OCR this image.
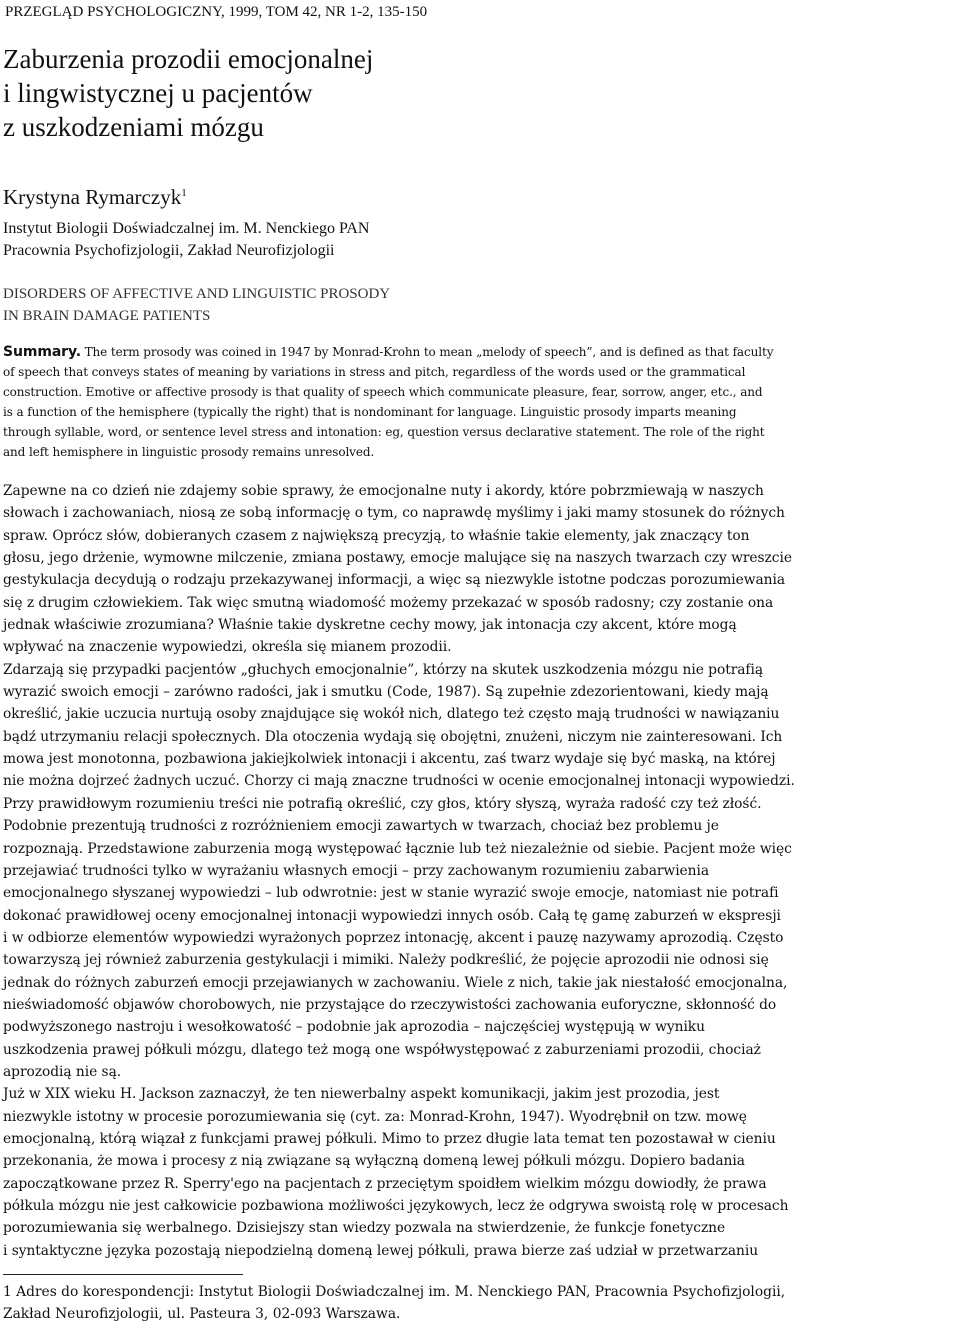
PRZEGLĄD PSYCHOLOGICZNY, 1999, TOM 42, NR 1-2, 135-150
Zaburzenia prozodii emocjonalnej
i lingwistycznej u pacjentów
z uszkodzeniami mózgu
Krystyna Rymarczyk$^1$
Instytut Biologii Doświadczalnej im. M. Nenckiego PAN
Pracownia Psychofizjologii, Zakład Neurofizjologii
DISORDERS OF AFFECTIVE AND LINGUISTIC PROSODY
IN BRAIN DAMAGE PATIENTS
Summary. The term prosody was coined in 1947 by Monrad-Krohn to mean „melody of speech”, and is defined as that faculty
of speech that conveys states of meaning by variations in stress and pitch, regardless of the words used or the grammatical
construction. Emotive or affective prosody is that quality of speech which communicate pleasure, fear, sorrow, anger, etc., and
is a function of the hemisphere (typically the right) that is nondominant for language. Linguistic prosody imparts meaning
through syllable, word, or sentence level stress and intonation: eg, question versus declarative statement. The role of the right
and left hemisphere in linguistic prosody remains unresolved.
Zapewne na co dzień nie zdajemy sobie sprawy, że emocjonalne nuty i akordy, które pobrzmiewają w naszych
słowach i zachowaniach, niosą ze sobą informację o tym, co naprawdę myślimy i jaki mamy stosunek do różnych
spraw. Oprócz słów, dobieranych czasem z największą precyzją, to właśnie takie elementy, jak znaczący ton
głosu, jego drżenie, wymowne milczenie, zmiana postawy, emocje malujące się na naszych twarzach czy wreszcie
gestykulacja decydują o rodzaju przekazywanej informacji, a więc są niezwykle istotne podczas porozumiewania
się z drugim człowiekiem. Tak więc smutną wiadomość możemy przekazać w sposób radosny; czy zostanie ona
jednak właściwie zrozumiana? Właśnie takie dyskretne cechy mowy, jak intonacja czy akcent, które mogą
wpływać na znaczenie wypowiedzi, określa się mianem prozodii.
Zdarzają się przypadki pacjentów „głuchych emocjonalnie”, którzy na skutek uszkodzenia mózgu nie potrafią
wyrazić swoich emocji – zarówno radości, jak i smutku (Code, 1987). Są zupełnie zdezorientowani, kiedy mają
określić, jakie uczucia nurtują osoby znajdujące się wokół nich, dlatego też często mają trudności w nawiązaniu
bądź utrzymaniu relacji społecznych. Dla otoczenia wydają się obojętni, znużeni, niczym nie zainteresowani. Ich
mowa jest monotonna, pozbawiona jakiejkolwiek intonacji i akcentu, zaś twarz wydaje się być maską, na której
nie można dojrzeć żadnych uczuć. Chorzy ci mają znaczne trudności w ocenie emocjonalnej intonacji wypowiedzi.
Przy prawidłowym rozumieniu treści nie potrafią określić, czy głos, który słyszą, wyraża radość czy też złość.
Podobnie prezentują trudności z rozróżnieniem emocji zawartych w twarzach, chociaż bez problemu je
rozpoznają. Przedstawione zaburzenia mogą występować łącznie lub też niezależnie od siebie. Pacjent może więc
przejawiać trudności tylko w wyrażaniu własnych emocji – przy zachowanym rozumieniu zabarwienia
emocjonalnego słyszanej wypowiedzi – lub odwrotnie: jest w stanie wyrazić swoje emocje, natomiast nie potrafi
dokonać prawidłowej oceny emocjonalnej intonacji wypowiedzi innych osób. Całą tę gamę zaburzeń w ekspresji
i w odbiorze elementów wypowiedzi wyrażonych poprzez intonację, akcent i pauzę nazywamy aprozodią. Często
towarzyszą jej również zaburzenia gestykulacji i mimiki. Należy podkreślić, że pojęcie aprozodii nie odnosi się
jednak do różnych zaburzeń emocji przejawianych w zachowaniu. Wiele z nich, takie jak niestałość emocjonalna,
nieświadomość objawów chorobowych, nie przystające do rzeczywistości zachowania euforyczne, skłonność do
podwyższonego nastroju i wesołkowatość – podobnie jak aprozodia – najczęściej występują w wyniku
uszkodzenia prawej półkuli mózgu, dlatego też mogą one współwystępować z zaburzeniami prozodii, chociaż
aprozodią nie są.
Już w XIX wieku H. Jackson zaznaczył, że ten niewerbalny aspekt komunikacji, jakim jest prozodia, jest
niezwykle istotny w procesie porozumiewania się (cyt. za: Monrad-Krohn, 1947). Wyodrębnił on tzw. mowę
emocjonalną, którą wiązał z funkcjami prawej półkuli. Mimo to przez długie lata temat ten pozostawał w cieniu
przekonania, że mowa i procesy z nią związane są wyłączną domeną lewej półkuli mózgu. Dopiero badania
zapoczątkowane przez R. Sperry'ego na pacjentach z przeciętym spoidłem wielkim mózgu dowiodły, że prawa
półkula mózgu nie jest całkowicie pozbawiona możliwości językowych, lecz że odgrywa swoistą rolę w procesach
porozumiewania się werbalnego. Dzisiejszy stan wiedzy pozwala na stwierdzenie, że funkcje fonetyczne
i syntaktyczne języka pozostają niepodzielną domeną lewej półkuli, prawa bierze zaś udział w przetwarzaniu
1 Adres do korespondencji: Instytut Biologii Doświadczalnej im. M. Nenckiego PAN, Pracownia Psychofizjologii,
Zakład Neurofizjologii, ul. Pasteura 3, 02-093 Warszawa.
